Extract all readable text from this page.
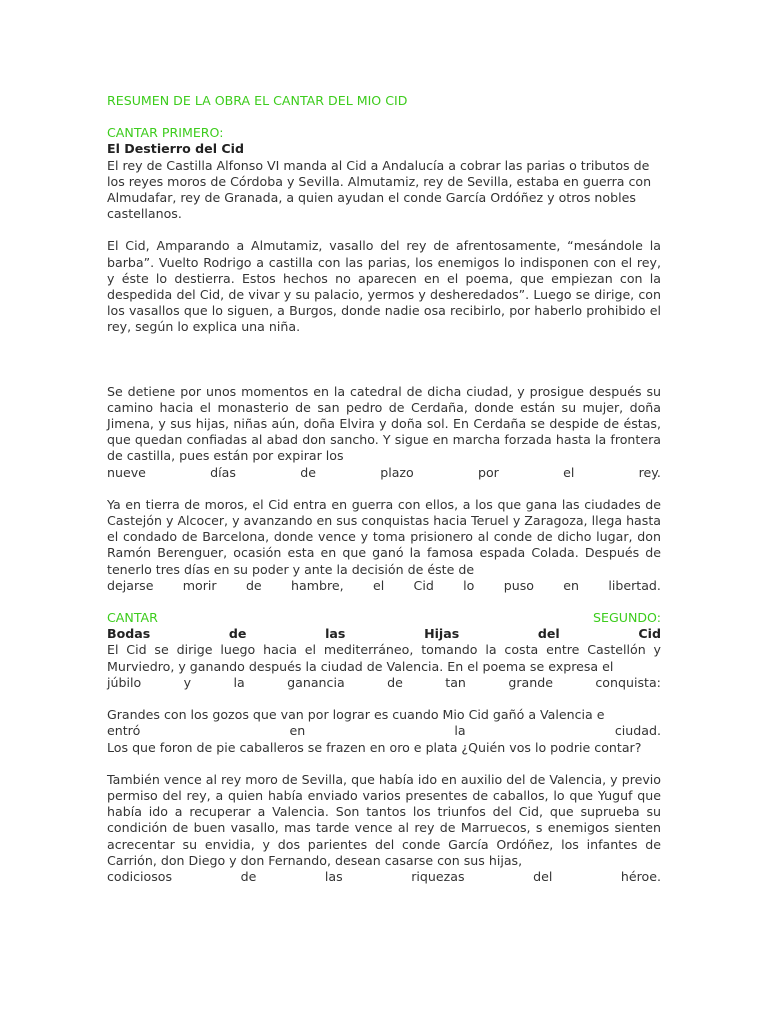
RESUMEN DE LA OBRA EL CANTAR DEL MIO CID
CANTAR PRIMERO:
El Destierro del Cid

El rey de Castilla Alfonso VI manda al Cid a Andalucía a cobrar las parias o tributos de los reyes moros de Córdoba y Sevilla. Almutamiz, rey de Sevilla, estaba en guerra con Almudafar, rey de Granada, a quien ayudan el conde García Ordóñez y otros nobles castellanos.

El Cid, Amparando a Almutamiz, vasallo del rey de afrentosamente, “mesándole la barba”. Vuelto Rodrigo a castilla con las parias, los enemigos lo indisponen con el rey, y éste lo destierra. Estos hechos no aparecen en el poema, que empiezan con la despedida del Cid, de vivar y su palacio, yermos y desheredados”. Luego se dirige, con los vasallos que lo siguen, a Burgos, donde nadie osa recibirlo, por haberlo prohibido el rey, según lo explica una niña.

Se detiene por unos momentos en la catedral de dicha ciudad, y prosigue después su camino hacia el monasterio de san pedro de Cerdaña, donde están su mujer, doña Jimena, y sus hijas, niñas aún, doña Elvira y doña sol. En Cerdaña se despide de éstas, que quedan confiadas al abad don sancho. Y sigue en marcha forzada hasta la frontera de castilla, pues están por expirar los

nueve	días	de	plazo	por	el	rey.

Ya en tierra de moros, el Cid entra en guerra con ellos, a los que gana las ciudades de Castejón y Alcocer, y avanzando en sus conquistas hacia Teruel y Zaragoza, llega hasta el condado de Barcelona, donde vence y toma prisionero al conde de dicho lugar, don Ramón Berenguer, ocasión esta en que ganó la famosa espada Colada. Después de tenerlo tres días en su poder y ante la decisión de éste de

dejarse morir de hambre, el Cid lo puso en libertad.
CANTAR	SEGUNDO:
Bodas	de	las	Hijas	del	Cid

El Cid se dirige luego hacia el mediterráneo, tomando la costa entre Castellón y Murviedro, y ganando después la ciudad de Valencia. En el poema se expresa el

júbilo	y	la	ganancia	de	tan	grande	conquista:

Grandes con los gozos que van por lograr es cuando Mio Cid gañó a Valencia e

entró	en	la	ciudad.

Los que foron de pie caballeros se frazen en oro e plata ¿Quién vos lo podrie contar?

También vence al rey moro de Sevilla, que había ido en auxilio del de Valencia, y previo permiso del rey, a quien había enviado varios presentes de caballos, lo que Yuguf que había ido a recuperar a Valencia. Son tantos los triunfos del Cid, que suprueba su condición de buen vasallo, mas tarde vence al rey de Marruecos, s enemigos sienten acrecentar su envidia, y dos parientes del conde García Ordóñez, los infantes de Carrión, don Diego y don Fernando, desean casarse con sus hijas,

codiciosos	de	las	riquezas	del	héroe.
